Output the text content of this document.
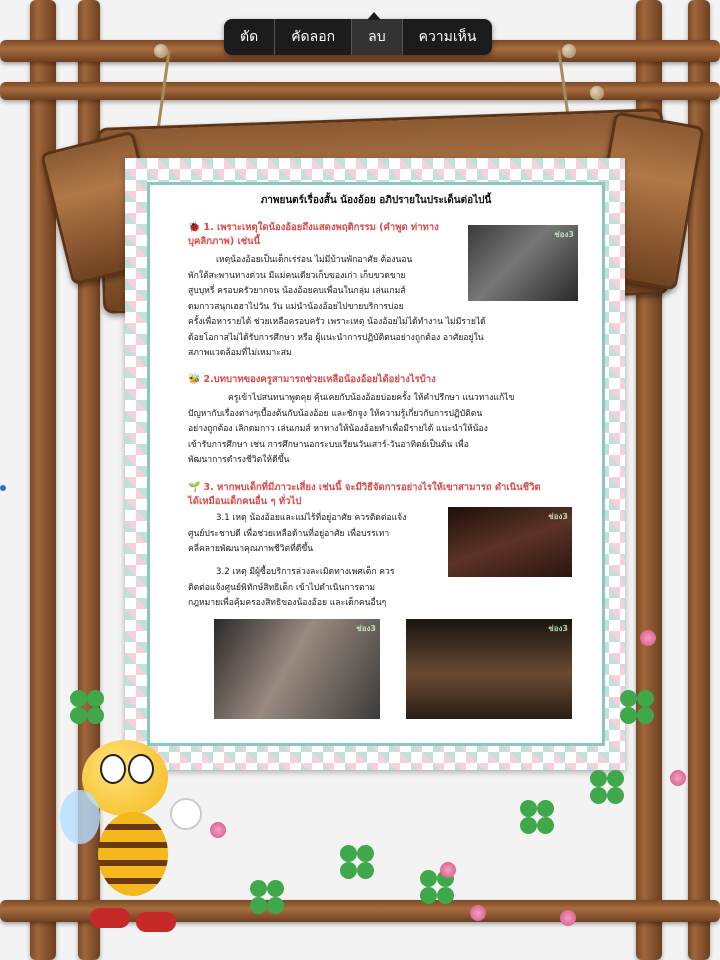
ตัด	คัดลอก	ลบ	ความเห็น
ภาพยนตร์เรื่องสั้น น้องอ้อย อภิปรายในประเด็นต่อไปนี้
🐞 1. เพราะเหตุใดน้องอ้อยถึงแสดงพฤติกรรม (คำพูด ท่าทาง
บุคลิกภาพ) เช่นนี้
ช่อง3
เหตุน้องอ้อยเป็นเด็กเร่ร่อน ไม่มีบ้านพักอาศัย ต้องนอน
พักใต้สะพานทางด่วน มีแม่คนเดียวเก็บของเก่า เก็บขวดขาย
สูบบุหรี่ ครอบครัวยากจน น้องอ้อยคบเพื่อนในกลุ่ม เล่นเกมส์
ดมกาวสนุกเฮฮาไปวัน วัน แม่นำน้องอ้อยไปขายบริการบ่อย
ครั้งเพื่อหารายได้ ช่วยเหลือครอบครัว เพราะเหตุ น้องอ้อยไม่ได้ทำงาน ไม่มีรายได้
ด้อยโอกาสไม่ได้รับการศึกษา หรือ ผู้แนะนำการปฏิบัติตนอย่างถูกต้อง อาศัยอยู่ใน
สภาพแวดล้อมที่ไม่เหมาะสม
🐝 2.บทบาทของครูสามารถช่วยเหลือน้องอ้อยได้อย่างไรบ้าง
ครูเข้าไปสนทนาพูดคุย คุ้นเคยกับน้องอ้อยบ่อยครั้ง ให้คำปรึกษา แนวทางแก้ไข
ปัญหากับเรื่องต่างๆเบื้องต้นกับน้องอ้อย และชักจูง ให้ความรู้เกี่ยวกับการปฏิบัติตน
อย่างถูกต้อง เลิกดมกาว เล่นเกมส์ หาทางให้น้องอ้อยทำเพื่อมีรายได้ แนะนำให้น้อง
เข้ารับการศึกษา เช่น การศึกษานอกระบบเรียนวันเสาร์-วันอาทิตย์เป็นต้น เพื่อ
พัฒนาการดำรงชีวิตให้ดีขึ้น
🌱 3. หากพบเด็กที่มีภาวะเสี่ยง เช่นนี้ จะมีวิธีจัดการอย่างไรให้เขาสามารถ ดำเนินชีวิต
ได้เหมือนเด็กคนอื่น ๆ ทั่วไป
3.1 เหตุ น้องอ้อยและแม่ไร้ที่อยู่อาศัย ควรติดต่อแจ้ง
ศูนย์ประชาบดี เพื่อช่วยเหลือด้านที่อยู่อาศัย เพื่อบรรเทา
คลี่คลายพัฒนาคุณภาพชีวิตที่ดีขึ้น
ช่อง3
3.2 เหตุ มีผู้ซื้อบริการล่วงละเมิดทางเพศเด็ก ควร
ติดต่อแจ้งศูนย์พิทักษ์สิทธิเด็ก เข้าไปดำเนินการตาม
กฎหมายเพื่อคุ้มครองสิทธิของน้องอ้อย และเด็กคนอื่นๆ
ช่อง3	ช่อง3
